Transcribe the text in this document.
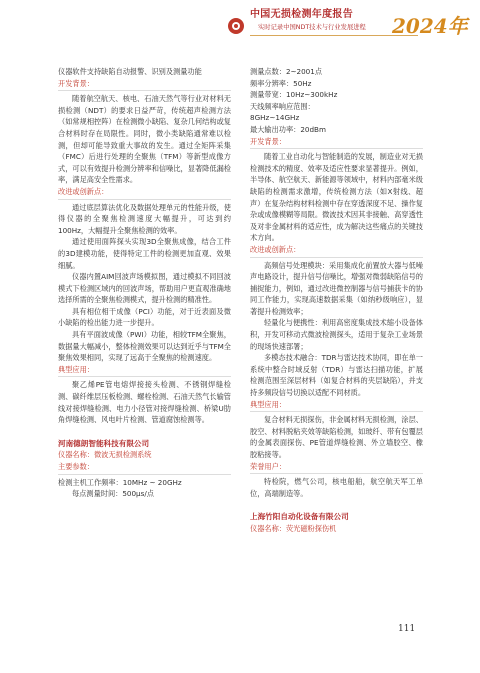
中国无损检测年度报告
实时记录中国NDT技术与行业发展进程 2024年

仪器软件支持缺陷自动报警、识别及测量功能

开发背景：

随着航空航天、核电、石油天然气等行业对材料无损检测（NDT）的要求日益严苛，传统超声检测方法（如常规相控阵）在检测微小缺陷、复杂几何结构或复合材料时存在局限性。同时，微小类缺陷通常难以检测，但却可能导致重大事故的发生。通过全矩阵采集（FMC）后进行处理的全聚焦（TFM）等新型成像方式，可以有效提升检测分辨率和信噪比，显著降低漏检率，满足高安全性需求。

改进或创新点：

通过底层算法优化及数据处理单元的性能升级，使得仪器的全聚焦检测速度大幅提升，可达到约100Hz，大幅提升全聚焦检测的效率。

通过使用面阵探头实现3D全聚焦成像，结合工件的3D建模功能，使得特定工件的检测更加直观、效果细腻。

仪器内置AIM回波声场模拟图，通过模拟不同回波模式下检测区域内的回波声场，帮助用户更直观准确地选择所需的全聚焦检测模式，提升检测的精准性。

具有相位相干成像（PCI）功能，对于近表面及微小缺陷的检出能力进一步提升。

具有平面波成像（PWI）功能，相较TFM全聚焦，数据量大幅减小，整体检测效果可以达到近乎与TFM全聚焦效果相同，实现了远高于全聚焦的检测速度。

典型应用：

聚乙烯PE管电熔焊接接头检测、不锈钢焊缝检测、碳纤维层压板检测、螺栓检测、石油天然气长输管线对接焊缝检测、电力小径管对接焊缝检测、桥梁U肋角焊缝检测、风电叶片检测、管道腐蚀检测等。

河南德朗智能科技有限公司

仪器名称：微波无损检测系统

主要参数：

检测主机工作频率：10MHz ~ 20GHz

每点测量时间：500μs/点

测量点数：2~2001点

频率分辨率：50Hz

测量带宽：10Hz~300kHz

天线频率响应范围：

8GHz~14GHz

最大输出功率：20dBm

开发背景：

随着工业自动化与智能制造的发展，制造业对无损检测技术的精度、效率及适应性要求显著提升。例如，半导体、航空航天、新能源等领域中，材料内部毫米级缺陷的检测需求激增，传统检测方法（如X射线、超声）在复杂结构材料检测中存在穿透深度不足、操作复杂或成像模糊等局限。微波技术因其非接触、高穿透性及对非金属材料的适应性，成为解决这些痛点的关键技术方向。

改进或创新点：

高频信号处理模块：采用集成化前置放大器与低噪声电路设计，提升信号信噪比，增强对微弱缺陷信号的捕捉能力，例如，通过改进微控制器与信号捕获卡的协同工作能力，实现高速数据采集（如纳秒级响应），显著提升检测效率；

轻量化与便携性：利用高密度集成技术缩小设备体积，开发可移动式微波检测探头，适用于复杂工业场景的现场快速部署；

多模态技术融合：TDR与雷达技术协同，即在单一系统中整合时域反射（TDR）与雷达扫描功能，扩展检测范围至深层材料（如复合材料的夹层缺陷），并支持多频段信号切换以适配不同材质。

典型应用：

复合材料无损探伤，非金属材料无损检测，涂层、胶空、材料脱粘夹效等缺陷检测，如玻纤、带有包覆层的金属表面探伤、PE管道焊缝检测、外立墙胶空、橡胶粘接等。

荣誉用户：

特检院，燃气公司，核电船舶，航空航天军工单位，高端制造等。

上海竹阳自动化设备有限公司

仪器名称：荧光磁粉探伤机

111
